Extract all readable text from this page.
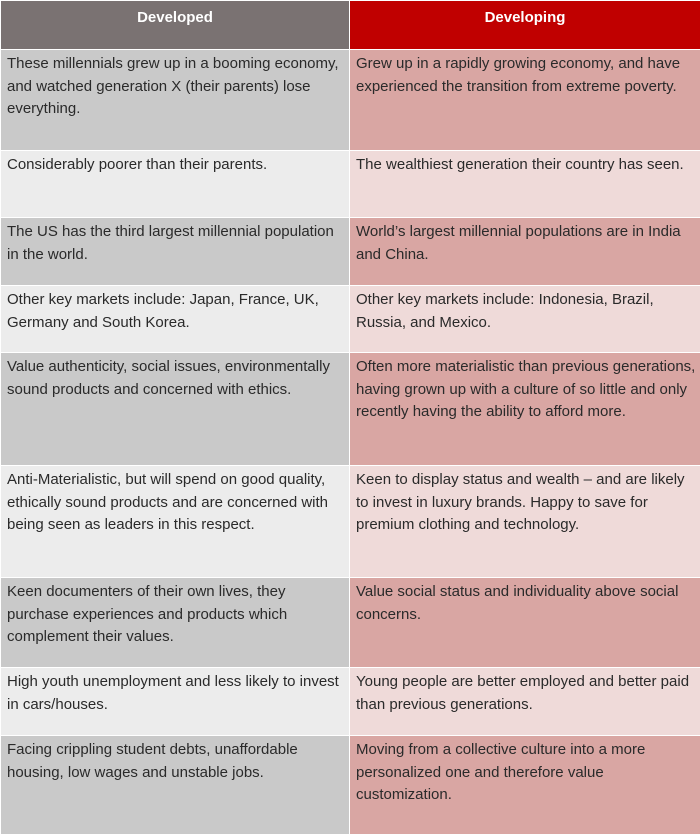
Developed	Developing
These millennials grew up in a booming economy, and watched generation X (their parents) lose everything.	Grew up in a rapidly growing economy, and have experienced the transition from extreme poverty.
Considerably poorer than their parents.	The wealthiest generation their country has seen.
The US has the third largest millennial population in the world.	World’s largest millennial populations are in India and China.
Other key markets include: Japan, France, UK, Germany and South Korea.	Other key markets include: Indonesia, Brazil, Russia, and Mexico.
Value authenticity, social issues, environmentally sound products and concerned with ethics.	Often more materialistic than previous generations, having grown up with a culture of so little and only recently having the ability to afford more.
Anti-Materialistic, but will spend on good quality, ethically sound products and are concerned with being seen as leaders in this respect.	Keen to display status and wealth – and are likely to invest in luxury brands. Happy to save for premium clothing and technology.
Keen documenters of their own lives, they purchase experiences and products which complement their values.	Value social status and individuality above social concerns.
High youth unemployment and less likely to invest in cars/houses.	Young people are better employed and better paid than previous generations.
Facing crippling student debts, unaffordable housing, low wages and unstable jobs.	Moving from a collective culture into a more personalized one and therefore value customization.
